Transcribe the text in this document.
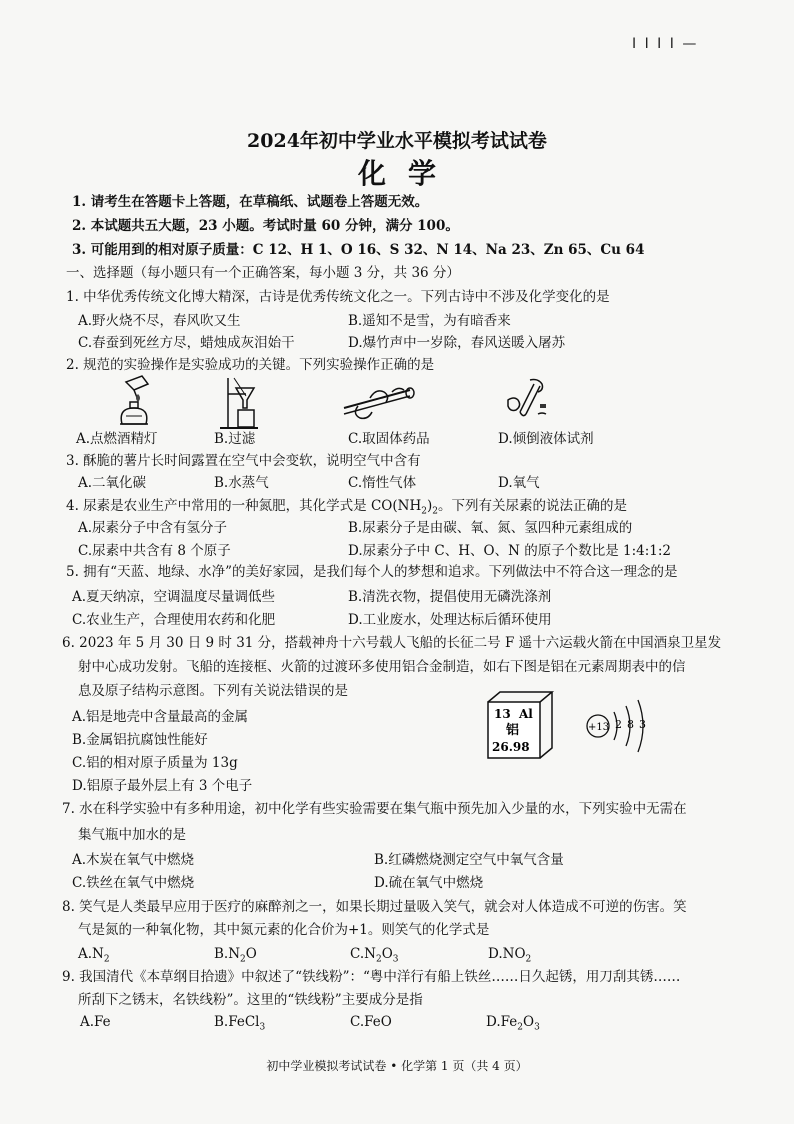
I I I I —
2024年初中学业水平模拟考试试卷
化学
1. 请考生在答题卡上答题，在草稿纸、试题卷上答题无效。
2. 本试题共五大题，23 小题。考试时量 60 分钟，满分 100。
3. 可能用到的相对原子质量：C 12、H 1、O 16、S 32、N 14、Na 23、Zn 65、Cu 64
一、选择题（每小题只有一个正确答案，每小题 3 分，共 36 分）
1. 中华优秀传统文化博大精深，古诗是优秀传统文化之一。下列古诗中不涉及化学变化的是
A.野火烧不尽，春风吹又生	B.遥知不是雪，为有暗香来
C.春蚕到死丝方尽，蜡烛成灰泪始干	D.爆竹声中一岁除，春风送暖入屠苏
2. 规范的实验操作是实验成功的关键。下列实验操作正确的是
A.点燃酒精灯	B.过滤	C.取固体药品	D.倾倒液体试剂
3. 酥脆的薯片长时间露置在空气中会变软，说明空气中含有
A.二氧化碳	B.水蒸气	C.惰性气体	D.氧气
4. 尿素是农业生产中常用的一种氮肥，其化学式是 $CO(NH_2)_2$。下列有关尿素的说法正确的是
A.尿素分子中含有氢分子	B.尿素分子是由碳、氧、氮、氢四种元素组成的
C.尿素中共含有 8 个原子	D.尿素分子中 C、H、O、N 的原子个数比是 1:4:1:2
5. 拥有“天蓝、地绿、水净”的美好家园，是我们每个人的梦想和追求。下列做法中不符合这一理念的是
A.夏天纳凉，空调温度尽量调低些	B.清洗衣物，提倡使用无磷洗涤剂
C.农业生产，合理使用农药和化肥	D.工业废水，处理达标后循环使用
6. 2023 年 5 月 30 日 9 时 31 分，搭载神舟十六号载人飞船的长征二号 F 遥十六运载火箭在中国酒泉卫星发
射中心成功发射。飞船的连接框、火箭的过渡环多使用铝合金制造，如右下图是铝在元素周期表中的信
息及原子结构示意图。下列有关说法错误的是
A.铝是地壳中含量最高的金属
B.金属铝抗腐蚀性能好
C.铝的相对原子质量为 13g
D.铝原子最外层上有 3 个电子
13 Al
铝
26.98
+13 2 8 3
7. 水在科学实验中有多种用途，初中化学有些实验需要在集气瓶中预先加入少量的水，下列实验中无需在
集气瓶中加水的是
A.木炭在氧气中燃烧	B.红磷燃烧测定空气中氧气含量
C.铁丝在氧气中燃烧	D.硫在氧气中燃烧
8. 笑气是人类最早应用于医疗的麻醉剂之一，如果长期过量吸入笑气，就会对人体造成不可逆的伤害。笑
气是氮的一种氧化物，其中氮元素的化合价为+1。则笑气的化学式是
$A.N_2$	$B.N_2O$	$C.N_2O_3$	$D.NO_2$
9. 我国清代《本草纲目拾遗》中叙述了“铁线粉”：“粤中洋行有船上铁丝……日久起锈，用刀刮其锈……
所刮下之锈末，名铁线粉”。这里的“铁线粉”主要成分是指
A.Fe	B.FeCl$_3$	C.FeO	$D.Fe_2O_3$
初中学业模拟考试试卷 • 化学第 1 页（共 4 页）
